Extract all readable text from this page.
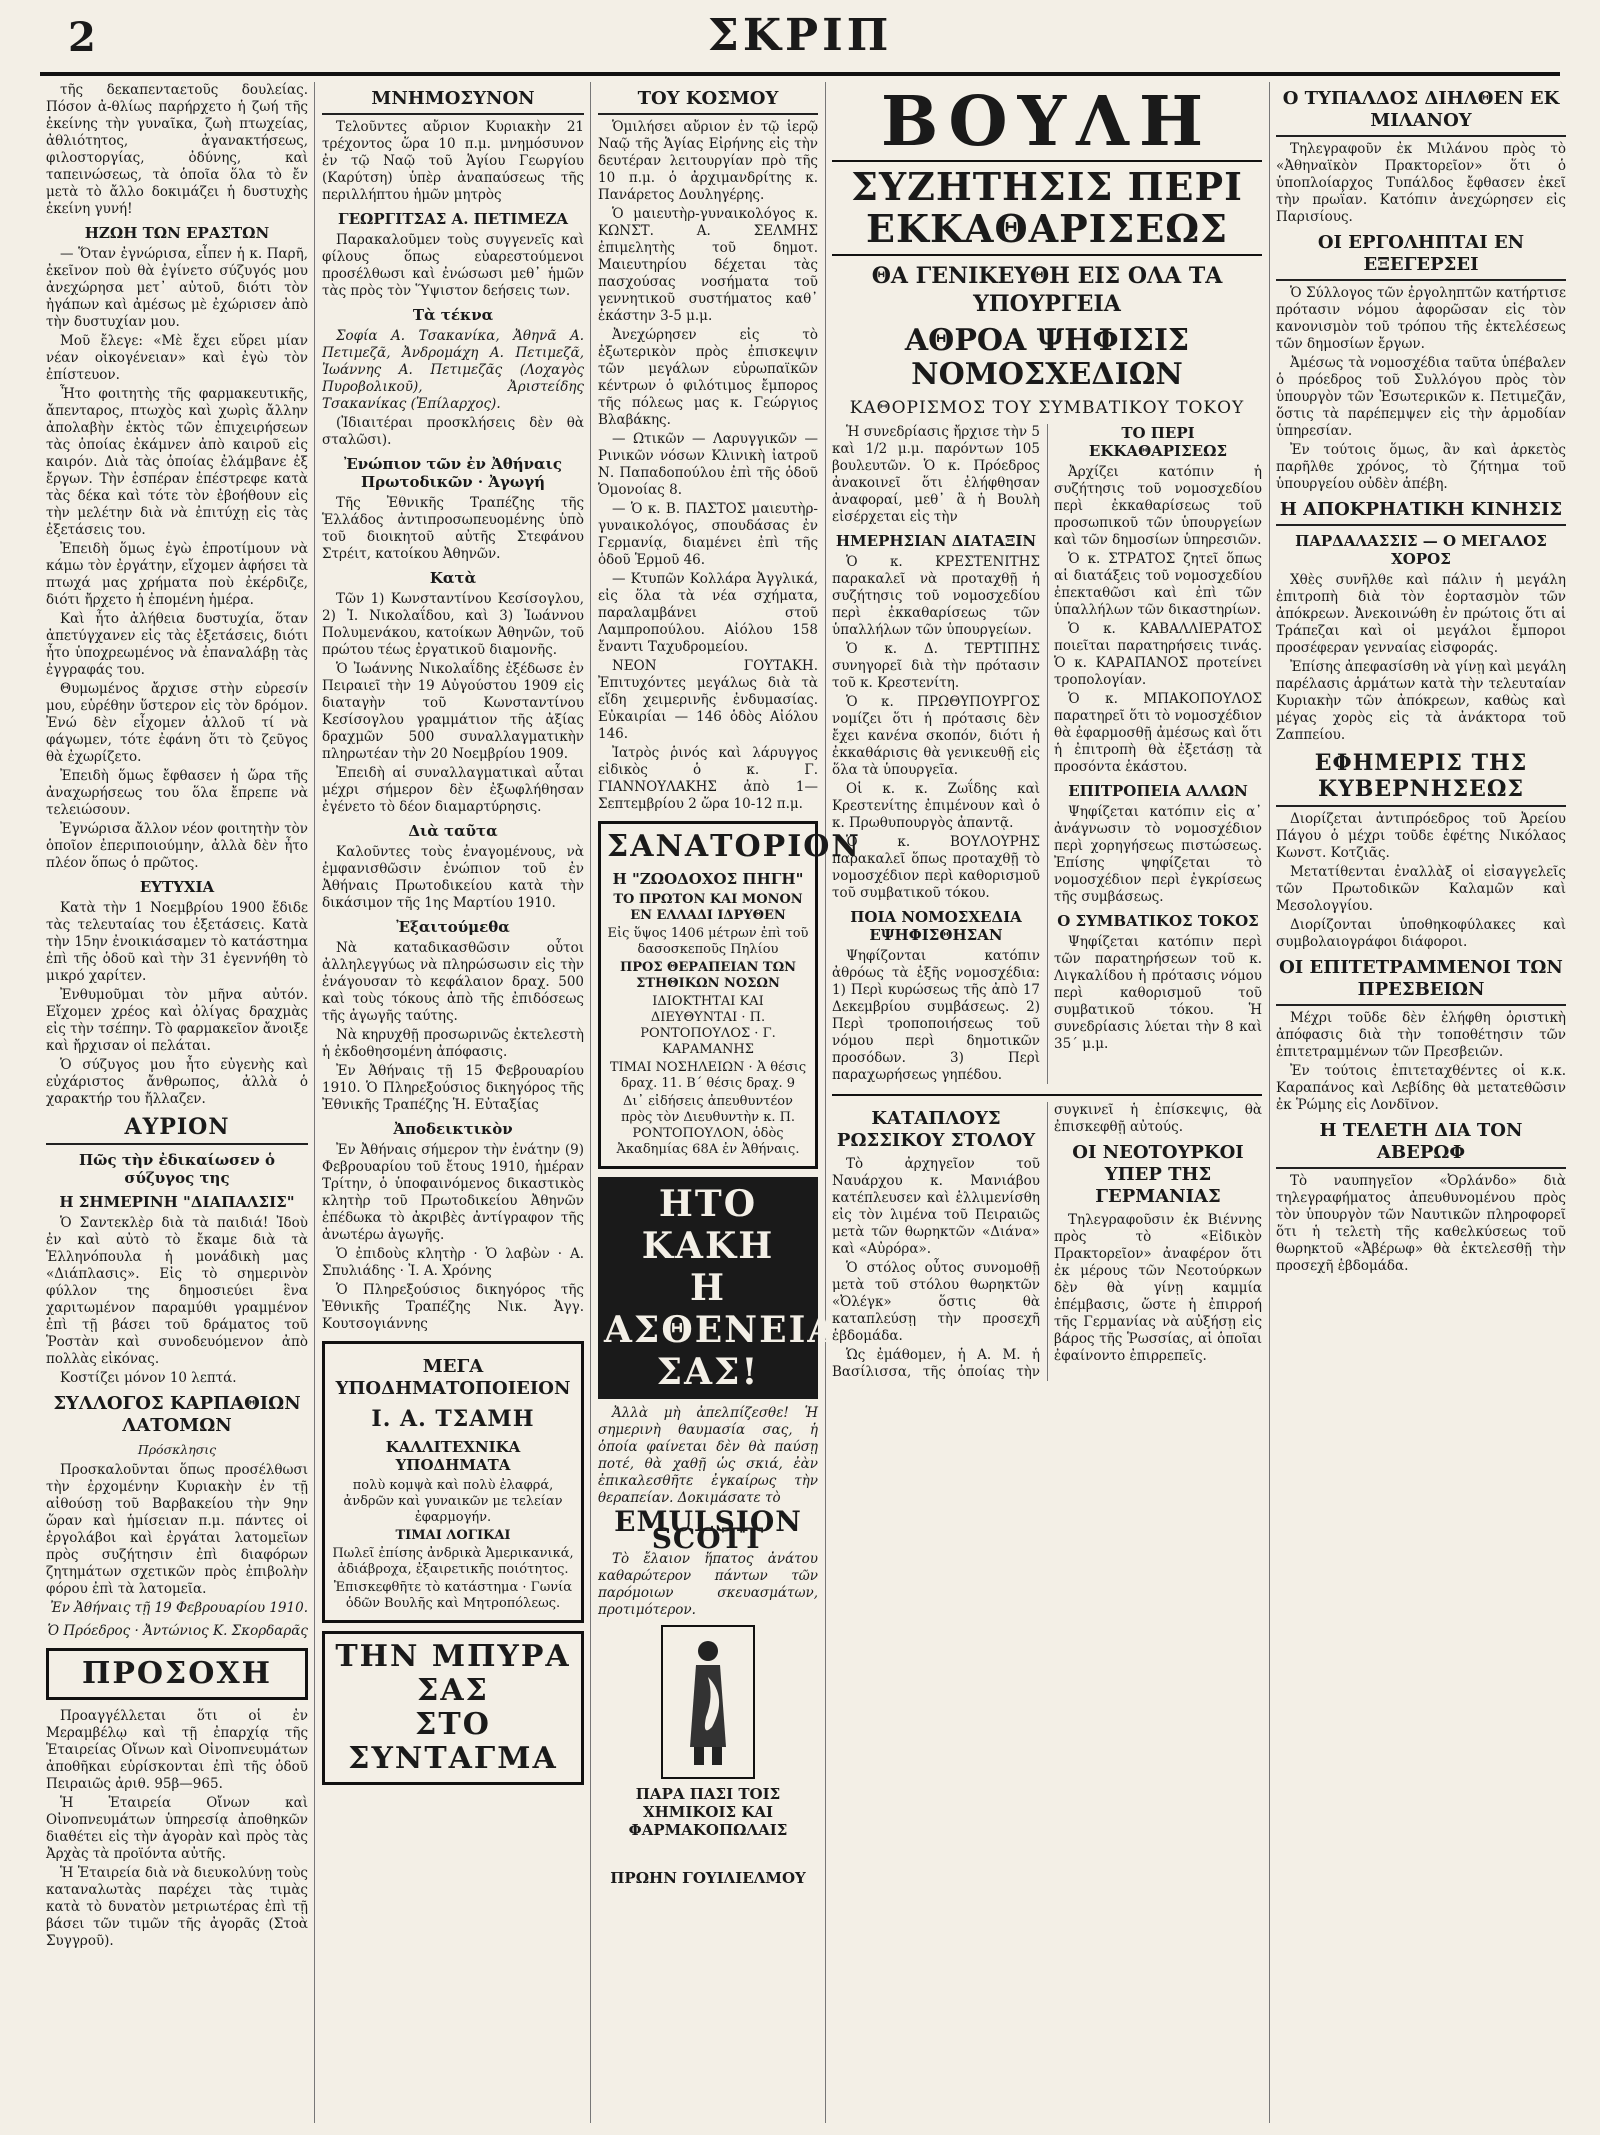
2	ΣΚΡΙΠ

τῆς δεκαπενταετοῦς δουλείας. Πόσον ἀ-θλίως παρήρχετο ἡ ζωή τῆς ἐκείνης τὴν γυναῖκα, ζωὴ πτωχείας, ἀθλιότητος, ἀγανακτήσεως, φιλοστοργίας, ὀδύνης, καὶ ταπεινώσεως, τὰ ὁποῖα ὅλα τὸ ἔν μετὰ τὸ ἄλλο δοκιμάζει ἡ δυστυχὴς ἐκείνη γυνή!

ΗΖΩΗ ΤΩΝ ΕΡΑΣΤΩΝ

— Ὅταν ἐγνώρισα, εἶπεν ἡ κ. Παρῆ, ἐκεῖνον ποὺ θὰ ἐγίνετο σύζυγός μου ἀνεχώρησα μετ᾽ αὐτοῦ, διότι τὸν ἠγάπων καὶ ἀμέσως μὲ ἐχώρισεν ἀπὸ τὴν δυστυχίαν μου.

Μοῦ ἔλεγε: «Μὲ ἔχει εὕρει μίαν νέαν οἰκογένειαν» καὶ ἐγὼ τὸν ἐπίστευον.

Ἦτο φοιτητὴς τῆς φαρμακευτικῆς, ἄπενταρος, πτωχὸς καὶ χωρὶς ἄλλην ἀπολαβὴν ἐκτὸς τῶν ἐπιχειρήσεων τὰς ὁποίας ἐκάμνεν ἀπὸ καιροῦ εἰς καιρόν. Διὰ τὰς ὁποίας ἐλάμβανε ἐξ ἔργων. Τὴν ἑσπέραν ἐπέστρεφε κατὰ τὰς δέκα καὶ τότε τὸν ἐβοήθουν εἰς τὴν μελέτην διὰ νὰ ἐπιτύχῃ εἰς τὰς ἐξετάσεις του.

Ἐπειδὴ ὅμως ἐγὼ ἐπροτίμουν νὰ κάμω τὸν ἐργάτην, εἴχομεν ἀφήσει τὰ πτωχά μας χρήματα ποὺ ἐκέρδιζε, διότι ἤρχετο ἡ ἐπομένη ἡμέρα.

Καὶ ἦτο ἀλήθεια δυστυχία, ὅταν ἀπετύγχανεν εἰς τὰς ἐξετάσεις, διότι ἦτο ὑποχρεωμένος νὰ ἐπαναλάβῃ τὰς ἐγγραφάς του.

Θυμωμένος ἄρχισε στὴν εὐρεσίν μου, εὑρέθην ὕστερον εἰς τὸν δρόμον. Ἐνώ δὲν εἶχομεν ἀλλοῦ τί νὰ φάγωμεν, τότε ἐφάνη ὅτι τὸ ζεῦγος θὰ ἐχωρίζετο.

Ἐπειδὴ ὅμως ἔφθασεν ἡ ὥρα τῆς ἀναχωρήσεως του ὅλα ἔπρεπε νὰ τελειώσουν.

Ἐγνώρισα ἄλλον νέον φοιτητὴν τὸν ὁποῖον ἐπεριποιούμην, ἀλλὰ δὲν ἦτο πλέον ὅπως ὁ πρῶτος.

ΕΥΤΥΧΙΑ

Κατὰ τὴν 1 Νοεμβρίου 1900 ἔδιδε τὰς τελευταίας του ἐξετάσεις. Κατὰ τὴν 15ην ἐνοικιάσαμεν τὸ κατάστημα ἐπὶ τῆς ὁδοῦ καὶ τὴν 31 ἐγεννήθη τὸ μικρό χαρίτεν.

Ἐνθυμοῦμαι τὸν μῆνα αὐτόν. Εἴχομεν χρέος καὶ ὀλίγας δραχμὰς εἰς τὴν τσέπην. Τὸ φαρμακεῖον ἄνοιξε καὶ ἤρχισαν οἱ πελάται.

Ὁ σύζυγος μου ἦτο εὐγενὴς καὶ εὐχάριστος ἄνθρωπος, ἀλλὰ ὁ χαρακτήρ του ἤλλαζεν.

ΑΥΡΙΟΝ
Πῶς τὴν ἐδικαίωσεν ὁ σύζυγος της
Η ΣΗΜΕΡΙΝΗ "ΔΙΑΠΑΛΣΙΣ"

Ὁ Σαντεκλὲρ διὰ τὰ παιδιά! Ἰδοὺ ἐν καὶ αὐτὸ τὸ ἔκαμε διὰ τὰ Ἑλληνόπουλα ἡ μονάδικὴ μας «Διάπλασις». Εἰς τὸ σημερινὸν φύλλον της δημοσιεύει ἓνα χαριτωμένον παραμύθι γραμμένον ἐπὶ τῇ βάσει τοῦ δράματος τοῦ Ῥοστὰν καὶ συνοδευόμενον ἀπὸ πολλὰς εἰκόνας.

Κοστίζει μόνον 10 λεπτά.

ΣΥΛΛΟΓΟΣ ΚΑΡΠΑΘΙΩΝ ΛΑΤΟΜΩΝ
Πρόσκλησις

Προσκαλοῦνται ὅπως προσέλθωσι τὴν ἐρχομένην Κυριακὴν ἐν τῇ αἰθούσῃ τοῦ Βαρβακείου τὴν 9ην ὥραν καὶ ἡμίσειαν π.μ. πάντες οἱ ἐργολάβοι καὶ ἐργάται λατομεῖων πρὸς συζήτησιν ἐπὶ διαφόρων ζητημάτων σχετικῶν πρὸς ἐπιβολὴν φόρου ἐπὶ τὰ λατομεῖα.

Ἐν Ἀθήναις τῇ 19 Φεβρουαρίου 1910.
Ὁ Πρόεδρος · Ἀντώνιος Κ. Σκορδαρᾶς
ΠΡΟΣΟΧΗ

Προαγγέλλεται ὅτι οἱ ἐν Μεραμβέλῳ καὶ τῇ ἐπαρχίᾳ τῆς Ἑταιρείας Οἴνων καὶ Οἰνοπνευμάτων ἀποθῆκαι εὑρίσκονται ἐπὶ τῆς ὁδοῦ Πειραιῶς ἀριθ. 95β—965.

Ἡ Ἑταιρεία Οἴνων καὶ Οἰνοπνευμάτων ὑπηρεσίᾳ ἀποθηκῶν διαθέτει εἰς τὴν ἀγορὰν καὶ πρὸς τὰς Ἀρχὰς τὰ προϊόντα αὐτῆς.

Ἡ Ἑταιρεία διὰ νὰ διευκολύνῃ τοὺς καταναλωτὰς παρέχει τὰς τιμὰς κατὰ τὸ δυνατὸν μετριωτέρας ἐπὶ τῇ βάσει τῶν τιμῶν τῆς ἀγορᾶς (Στοὰ Συγγροῦ).

ΜΝΗΜΟΣΥΝΟΝ

Τελοῦντες αὔριον Κυριακὴν 21 τρέχοντος ὥρα 10 π.μ. μνημόσυνον ἐν τῷ Ναῷ τοῦ Ἁγίου Γεωργίου (Καρύτση) ὑπὲρ ἀναπαύσεως τῆς περιλλήπτου ἡμῶν μητρὸς

ΓΕΩΡΓΙΤΣΑΣ Α. ΠΕΤΙΜΕΖΑ

Παρακαλοῦμεν τοὺς συγγενεῖς καὶ φίλους ὅπως εὐαρεστούμενοι προσέλθωσι καὶ ἐνώσωσι μεθ᾽ ἡμῶν τὰς πρὸς τὸν Ὕψιστον δεήσεις των.

Τὰ τέκνα

Σοφία Α. Τσακανίκα, Ἀθηνᾶ Α. Πετιμεζᾶ, Ἀνδρομάχη Α. Πετιμεζᾶ, Ἰωάννης Α. Πετιμεζᾶς (Λοχαγὸς Πυροβολικοῦ), Ἀριστείδης Τσακανίκας (Ἐπίλαρχος).

(Ἰδιαιτέραι προσκλήσεις δὲν θὰ σταλῶσι).

Ἐνώπιον τῶν ἐν Ἀθήναις Πρωτοδικῶν · Ἀγωγή

Τῆς Ἐθνικῆς Τραπέζης τῆς Ἑλλάδος ἀντιπροσωπευομένης ὑπὸ τοῦ διοικητοῦ αὐτῆς Στεφάνου Στρέιτ, κατοίκου Ἀθηνῶν.

Κατὰ

Τῶν 1) Κωνσταντίνου Κεσίσογλου, 2) Ἰ. Νικολαΐδου, καὶ 3) Ἰωάννου Πολυμενάκου, κατοίκων Ἀθηνῶν, τοῦ πρώτου τέως ἐργατικοῦ διαμονῆς.

Ὁ Ἰωάννης Νικολαΐδης ἐξέδωσε ἐν Πειραιεῖ τὴν 19 Αὐγούστου 1909 εἰς διαταγὴν τοῦ Κωνσταντίνου Κεσίσογλου γραμμάτιον τῆς ἀξίας δραχμῶν 500 συναλλαγματικὴν πληρωτέαν τὴν 20 Νοεμβρίου 1909.

Ἐπειδὴ αἱ συναλλαγματικαὶ αὗται μέχρι σήμερον δὲν ἐξωφλήθησαν ἐγένετο τὸ δέον διαμαρτύρησις.

Διὰ ταῦτα

Καλοῦντες τοὺς ἐναγομένους, νὰ ἐμφανισθῶσιν ἐνώπιον τοῦ ἐν Ἀθήναις Πρωτοδικείου κατὰ τὴν δικάσιμον τῆς 1ης Μαρτίου 1910.

Ἐξαιτούμεθα

Νὰ καταδικασθῶσιν οὗτοι ἀλληλεγγύως νὰ πληρώσωσιν εἰς τὴν ἐνάγουσαν τὸ κεφάλαιον δραχ. 500 καὶ τοὺς τόκους ἀπὸ τῆς ἐπιδόσεως τῆς ἀγωγῆς ταύτης.

Νὰ κηρυχθῇ προσωρινῶς ἐκτελεστὴ ἡ ἐκδοθησομένη ἀπόφασις.

Ἐν Ἀθήναις τῇ 15 Φεβρουαρίου 1910. Ὁ Πληρεξούσιος δικηγόρος τῆς Ἐθνικῆς Τραπέζης Ἡ. Εὐταξίας

Ἀποδεικτικὸν

Ἐν Ἀθήναις σήμερον τὴν ἐνάτην (9) Φεβρουαρίου τοῦ ἔτους 1910, ἡμέραν Τρίτην, ὁ ὑποφαινόμενος δικαστικὸς κλητὴρ τοῦ Πρωτοδικείου Ἀθηνῶν ἐπέδωκα τὸ ἀκριβὲς ἀντίγραφον τῆς ἀνωτέρω ἀγωγῆς.

Ὁ ἐπιδοὺς κλητὴρ · Ὁ λαβὼν · Α. Σπυλιάδης · Ἰ. Α. Χρόνης

Ὁ Πληρεξούσιος δικηγόρος τῆς Ἐθνικῆς Τραπέζης Νικ. Ἀγγ. Κουτσογιάννης

ΜΕΓΑ ΥΠΟΔΗΜΑΤΟΠΟΙΕΙΟΝ
Ι. Α. ΤΣΑΜΗ
ΚΑΛΛΙΤΕΧΝΙΚΑ ΥΠΟΔΗΜΑΤΑ
πολὺ κομψὰ καὶ πολὺ ἐλαφρά, ἀνδρῶν καὶ γυναικῶν με τελείαν ἐφαρμογήν.
ΤΙΜΑΙ ΛΟΓΙΚΑΙ
Πωλεῖ ἐπίσης ἀνδρικὰ Ἀμερικανικά, ἀδιάβροχα, ἐξαιρετικῆς ποιότητος.
Ἐπισκεφθῆτε τὸ κατάστημα · Γωνία ὁδῶν Βουλῆς καὶ Μητροπόλεως.
ΤΗΝ ΜΠΥΡΑ ΣΑΣ
ΣΤΟ ΣΥΝΤΑΓΜΑ
ΤΟΥ ΚΟΣΜΟΥ

Ὁμιλήσει αὔριον ἐν τῷ ἱερῷ Ναῷ τῆς Ἁγίας Εἰρήνης εἰς τὴν δευτέραν λειτουργίαν πρὸ τῆς 10 π.μ. ὁ ἀρχιμανδρίτης κ. Πανάρετος Δουληγέρης.

Ὁ μαιευτὴρ-γυναικολόγος κ. ΚΩΝΣΤ. Α. ΣΕΛΜΗΣ ἐπιμελητὴς τοῦ δημοτ. Μαιευτηρίου δέχεται τὰς πασχούσας νοσήματα τοῦ γεννητικοῦ συστήματος καθ᾽ ἑκάστην 3-5 μ.μ.

Ἀνεχώρησεν εἰς τὸ ἐξωτερικὸν πρὸς ἐπισκεψιν τῶν μεγάλων εὐρωπαϊκῶν κέντρων ὁ φιλότιμος ἔμπορος τῆς πόλεως μας κ. Γεώργιος Βλαβάκης.

— Ωτικῶν — Λαρυγγικῶν — Ρινικῶν νόσων Κλινικὴ ἰατροῦ Ν. Παπαδοπούλου ἐπὶ τῆς ὁδοῦ Ὁμονοίας 8.

— Ὁ κ. Β. ΠΑΣΤΟΣ μαιευτὴρ-γυναικολόγος, σπουδάσας ἐν Γερμανίᾳ, διαμένει ἐπὶ τῆς ὁδοῦ Ἑρμοῦ 46.

— Κτυπῶν Κολλάρα Ἀγγλικά, εἰς ὅλα τὰ νέα σχήματα, παραλαμβάνει στοῦ Λαμπροπούλου. Αἰόλου 158 ἔναντι Ταχυδρομείου.

ΝΕΟΝ ΓΟΥΤΑΚΗ. Ἐπιτυχόντες μεγάλως διὰ τὰ εἴδη χειμερινῆς ἐνδυμασίας. Εὐκαιρίαι — 146 ὁδὸς Αἰόλου 146.

Ἰατρὸς ῥινός καὶ λάρυγγος εἰδικὸς ὁ κ. Γ. ΓΙΑΝΝΟΥΛΑΚΗΣ ἀπὸ 1— Σεπτεμβρίου 2 ὥρα 10-12 π.μ.

ΣΑΝΑΤΟΡΙΟΝ
Η "ΖΩΟΔΟΧΟΣ ΠΗΓΗ"
ΤΟ ΠΡΩΤΟΝ ΚΑΙ ΜΟΝΟΝ ΕΝ ΕΛΛΑΔΙ ΙΔΡΥΘΕΝ
Εἰς ὕψος 1406 μέτρων ἐπὶ τοῦ δασοσκεποῦς Πηλίου
ΠΡΟΣ ΘΕΡΑΠΕΙΑΝ ΤΩΝ ΣΤΗΘΙΚΩΝ ΝΟΣΩΝ
ΙΔΙΟΚΤΗΤΑΙ ΚΑΙ ΔΙΕΥΘΥΝΤΑΙ · Π. ΡΟΝΤΟΠΟΥΛΟΣ · Γ. ΚΑΡΑΜΑΝΗΣ
ΤΙΜΑΙ ΝΟΣΗΛΕΙΩΝ · Ἀ θέσις δραχ. 11. Β´ θέσις δραχ. 9
Δι᾽ εἰδήσεις ἀπευθυντέον πρὸς τὸν Διευθυντὴν κ. Π. ΡΟΝΤΟΠΟΥΛΟΝ, ὁδὸς Ἀκαδημίας 68Α ἐν Ἀθήναις.
ΗΤΟ ΚΑΚΗ
Η ΑΣΘΕΝΕΙΑ
ΣΑΣ!

Ἀλλὰ μὴ ἀπελπίζεσθε! Ἡ σημερινὴ θαυμασία σας, ἡ ὁποία φαίνεται δὲν θὰ παύσῃ ποτέ, θὰ χαθῇ ὡς σκιά, ἐὰν ἐπικαλεσθῆτε ἐγκαίρως τὴν θεραπείαν. Δοκιμάσατε τὸ

EMULSION SCOTT

Τὸ ἔλαιον ἥπατος ἀνάτου καθαρώτερον πάντων τῶν παρόμοιων σκευασμάτων, προτιμότερον.

ΠΑΡΑ ΠΑΣΙ ΤΟΙΣ ΧΗΜΙΚΟΙΣ ΚΑΙ ΦΑΡΜΑΚΟΠΩΛΑΙΣ
ΠΡΩΗΝ ΓΟΥΙΛΙΕΛΜΟΥ
ΒΟΥΛΗ
ΣΥΖΗΤΗΣΙΣ ΠΕΡΙ ΕΚΚΑΘΑΡΙΣΕΩΣ
ΘΑ ΓΕΝΙΚΕΥΘΗ ΕΙΣ ΟΛΑ ΤΑ ΥΠΟΥΡΓΕΙΑ
ΑΘΡΟΑ ΨΗΦΙΣΙΣ ΝΟΜΟΣΧΕΔΙΩΝ
ΚΑΘΟΡΙΣΜΟΣ ΤΟΥ ΣΥΜΒΑΤΙΚΟΥ ΤΟΚΟΥ

Ἡ συνεδρίασις ἤρχισε τὴν 5 καὶ 1/2 μ.μ. παρόντων 105 βουλευτῶν. Ὁ κ. Πρόεδρος ἀνακοινεῖ ὅτι ἐλήφθησαν ἀναφοραί, μεθ᾽ ἃ ἡ Βουλὴ εἰσέρχεται εἰς τὴν

ΗΜΕΡΗΣΙΑΝ ΔΙΑΤΑΞΙΝ

Ὁ κ. ΚΡΕΣΤΕΝΙΤΗΣ παρακαλεῖ νὰ προταχθῇ ἡ συζήτησις τοῦ νομοσχεδίου περὶ ἐκκαθαρίσεως τῶν ὑπαλλήλων τῶν ὑπουργείων.

Ὁ κ. Δ. ΤΕΡΤΙΠΗΣ συνηγορεῖ διὰ τὴν πρότασιν τοῦ κ. Κρεστενίτη.

Ὁ κ. ΠΡΩΘΥΠΟΥΡΓΟΣ νομίζει ὅτι ἡ πρότασις δὲν ἔχει κανένα σκοπόν, διότι ἡ ἐκκαθάρισις θὰ γενικευθῇ εἰς ὅλα τὰ ὑπουργεῖα.

Οἱ κ. κ. Ζωΐδης καὶ Κρεστενίτης ἐπιμένουν καὶ ὁ κ. Πρωθυπουργὸς ἀπαντᾷ.

Ὁ κ. ΒΟΥΛΟΥΡΗΣ παρακαλεῖ ὅπως προταχθῇ τὸ νομοσχέδιον περὶ καθορισμοῦ τοῦ συμβατικοῦ τόκου.

ΠΟΙΑ ΝΟΜΟΣΧΕΔΙΑ ΕΨΗΦΙΣΘΗΣΑΝ

Ψηφίζονται κατόπιν ἀθρόως τὰ ἑξῆς νομοσχέδια: 1) Περὶ κυρώσεως τῆς ἀπὸ 17 Δεκεμβρίου συμβάσεως. 2) Περὶ τροποποιήσεως τοῦ νόμου περὶ δημοτικῶν προσόδων. 3) Περὶ παραχωρήσεως γηπέδου.

ΤΟ ΠΕΡΙ ΕΚΚΑΘΑΡΙΣΕΩΣ

Ἀρχίζει κατόπιν ἡ συζήτησις τοῦ νομοσχεδίου περὶ ἐκκαθαρίσεως τοῦ προσωπικοῦ τῶν ὑπουργείων καὶ τῶν δημοσίων ὑπηρεσιῶν.

Ὁ κ. ΣΤΡΑΤΟΣ ζητεῖ ὅπως αἱ διατάξεις τοῦ νομοσχεδίου ἐπεκταθῶσι καὶ ἐπὶ τῶν ὑπαλλήλων τῶν δικαστηρίων.

Ὁ κ. ΚΑΒΑΛΛΙΕΡΑΤΟΣ ποιεῖται παρατηρήσεις τινάς. Ὁ κ. ΚΑΡΑΠΑΝΟΣ προτείνει τροπολογίαν.

Ὁ κ. ΜΠΑΚΟΠΟΥΛΟΣ παρατηρεῖ ὅτι τὸ νομοσχέδιον θὰ ἐφαρμοσθῇ ἀμέσως καὶ ὅτι ἡ ἐπιτροπὴ θὰ ἐξετάσῃ τὰ προσόντα ἑκάστου.

ΕΠΙΤΡΟΠΕΙΑ ΑΛΛΩΝ

Ψηφίζεται κατόπιν εἰς α᾽ ἀνάγνωσιν τὸ νομοσχέδιον περὶ χορηγήσεως πιστώσεως. Ἐπίσης ψηφίζεται τὸ νομοσχέδιον περὶ ἐγκρίσεως τῆς συμβάσεως.

Ο ΣΥΜΒΑΤΙΚΟΣ ΤΟΚΟΣ

Ψηφίζεται κατόπιν περὶ τῶν παρατηρήσεων τοῦ κ. Λιγκαλίδου ἡ πρότασις νόμου περὶ καθορισμοῦ τοῦ συμβατικοῦ τόκου. Ἡ συνεδρίασις λύεται τὴν 8 καὶ 35´ μ.μ.

ΚΑΤΑΠΛΟΥΣ ΡΩΣΣΙΚΟΥ ΣΤΟΛΟΥ

Τὸ ἀρχηγεῖον τοῦ Ναυάρχου κ. Μανιάβου κατέπλευσεν καὶ ἑλλιμενίσθη εἰς τὸν λιμένα τοῦ Πειραιῶς μετὰ τῶν θωρηκτῶν «Διάνα» καὶ «Αὐρόρα».

Ὁ στόλος οὗτος συνομοθῇ μετὰ τοῦ στόλου θωρηκτῶν «Ὀλέγκ» ὅστις θὰ καταπλεύσῃ τὴν προσεχῆ ἑβδομάδα.

Ὡς ἐμάθομεν, ἡ Α. Μ. ἡ Βασίλισσα, τῆς ὁποίας τὴν συγκινεῖ ἡ ἐπίσκεψις, θὰ ἐπισκεφθῇ αὐτούς.

ΟΙ ΝΕΟΤΟΥΡΚΟΙ ΥΠΕΡ ΤΗΣ ΓΕΡΜΑΝΙΑΣ

Τηλεγραφοῦσιν ἐκ Βιέννης πρὸς τὸ «Εἰδικὸν Πρακτορεῖον» ἀναφέρον ὅτι ἐκ μέρους τῶν Νεοτούρκων δὲν θὰ γίνῃ καμμία ἐπέμβασις, ὥστε ἡ ἐπιρροή τῆς Γερμανίας νὰ αὐξήσῃ εἰς βάρος τῆς Ῥωσσίας, αἱ ὁποῖαι ἐφαίνοντο ἐπιρρεπεῖς.

Ο ΤΥΠΑΛΔΟΣ ΔΙΗΛΘΕΝ ΕΚ ΜΙΛΑΝΟΥ

Τηλεγραφοῦν ἐκ Μιλάνου πρὸς τὸ «Ἀθηναϊκὸν Πρακτορεῖον» ὅτι ὁ ὑποπλοίαρχος Τυπάλδος ἔφθασεν ἐκεῖ τὴν πρωΐαν. Κατόπιν ἀνεχώρησεν εἰς Παρισίους.

ΟΙ ΕΡΓΟΛΗΠΤΑΙ ΕΝ ΕΞΕΓΕΡΣΕΙ

Ὁ Σύλλογος τῶν ἐργοληπτῶν κατήρτισε πρότασιν νόμου ἀφορῶσαν εἰς τὸν κανονισμὸν τοῦ τρόπου τῆς ἐκτελέσεως τῶν δημοσίων ἔργων.

Ἀμέσως τὰ νομοσχέδια ταῦτα ὑπέβαλεν ὁ πρόεδρος τοῦ Συλλόγου πρὸς τὸν ὑπουργὸν τῶν Ἐσωτερικῶν κ. Πετιμεζᾶν, ὅστις τὰ παρέπεμψεν εἰς τὴν ἁρμοδίαν ὑπηρεσίαν.

Ἐν τούτοις ὅμως, ἂν καὶ ἀρκετὸς παρῆλθε χρόνος, τὸ ζήτημα τοῦ ὑπουργείου οὐδὲν ἀπέβη.

Η ΑΠΟΚΡΗΑΤΙΚΗ ΚΙΝΗΣΙΣ
ΠΑΡΔΑΛΑΣΣΙΣ — Ο ΜΕΓΑΛΟΣ ΧΟΡΟΣ

Χθὲς συνῆλθε καὶ πάλιν ἡ μεγάλη ἐπιτροπὴ διὰ τὸν ἑορτασμὸν τῶν ἀπόκρεων. Ἀνεκοινώθη ἐν πρώτοις ὅτι αἱ Τράπεζαι καὶ οἱ μεγάλοι ἔμποροι προσέφεραν γενναίας εἰσφοράς.

Ἐπίσης ἀπεφασίσθη νὰ γίνῃ καὶ μεγάλη παρέλασις ἁρμάτων κατὰ τὴν τελευταίαν Κυριακὴν τῶν ἀπόκρεων, καθὼς καὶ μέγας χορὸς εἰς τὰ ἀνάκτορα τοῦ Ζαππείου.

ΕΦΗΜΕΡΙΣ ΤΗΣ ΚΥΒΕΡΝΗΣΕΩΣ

Διορίζεται ἀντιπρόεδρος τοῦ Ἀρείου Πάγου ὁ μέχρι τοῦδε ἐφέτης Νικόλαος Κωνστ. Κοτζιᾶς.

Μετατίθενται ἐναλλὰξ οἱ εἰσαγγελεῖς τῶν Πρωτοδικῶν Καλαμῶν καὶ Μεσολογγίου.

Διορίζονται ὑποθηκοφύλακες καὶ συμβολαιογράφοι διάφοροι.

ΟΙ ΕΠΙΤΕΤΡΑΜΜΕΝΟΙ ΤΩΝ ΠΡΕΣΒΕΙΩΝ

Μέχρι τοῦδε δὲν ἐλήφθη ὁριστικὴ ἀπόφασις διὰ τὴν τοποθέτησιν τῶν ἐπιτετραμμένων τῶν Πρεσβειῶν.

Ἐν τούτοις ἐπιτεταχθέντες οἱ κ.κ. Καραπάνος καὶ Λεβίδης θὰ μετατεθῶσιν ἐκ Ῥώμης εἰς Λονδῖνον.

Η ΤΕΛΕΤΗ ΔΙΑ ΤΟΝ ΑΒΕΡΩΦ

Τὸ ναυπηγεῖον «Ὀρλάνδο» διὰ τηλεγραφήματος ἀπευθυνομένου πρὸς τὸν ὑπουργὸν τῶν Ναυτικῶν πληροφορεῖ ὅτι ἡ τελετὴ τῆς καθελκύσεως τοῦ θωρηκτοῦ «Ἀβέρωφ» θὰ ἐκτελεσθῇ τὴν προσεχῆ ἑβδομάδα.
